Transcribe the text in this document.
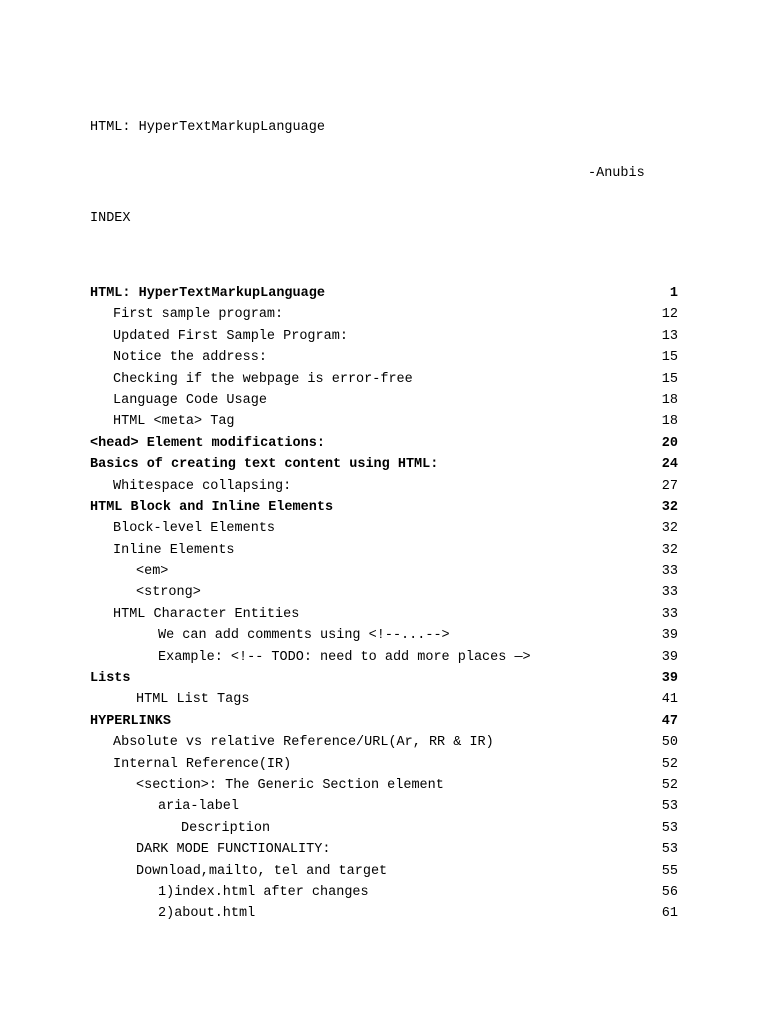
HTML: HyperTextMarkupLanguage
-Anubis
INDEX
HTML: HyperTextMarkupLanguage	1
First sample program:	12
Updated First Sample Program:	13
Notice the address:	15
Checking if the webpage is error-free	15
Language Code Usage	18
HTML <meta> Tag	18
<head> Element modifications:	20
Basics of creating text content using HTML:	24
Whitespace collapsing:	27
HTML Block and Inline Elements	32
Block-level Elements	32
Inline Elements	32
<em>	33
<strong>	33
HTML Character Entities	33
We can add comments using <!--...-->	39
Example: <!-- TODO: need to add more places —>	39
Lists	39
HTML List Tags	41
HYPERLINKS	47
Absolute vs relative Reference/URL(Ar, RR & IR)	50
Internal Reference(IR)	52
<section>: The Generic Section element	52
aria-label	53
Description	53
DARK MODE FUNCTIONALITY:	53
Download,mailto, tel and target	55
1)index.html after changes	56
2)about.html	61
